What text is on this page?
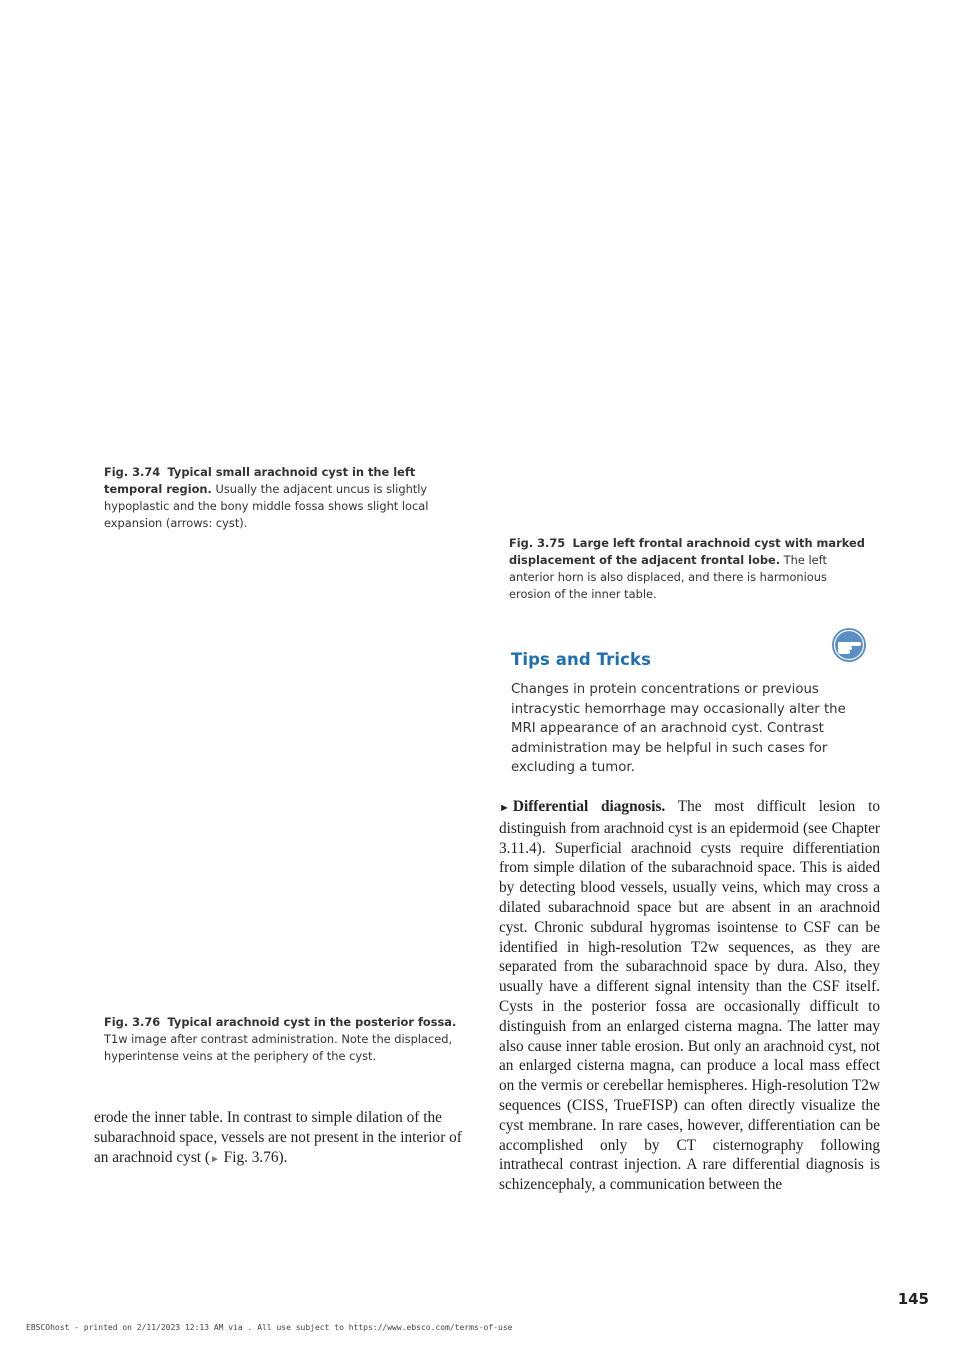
Fig. 3.74 Typical small arachnoid cyst in the left temporal region. Usually the adjacent uncus is slightly hypoplastic and the bony middle fossa shows slight local expansion (arrows: cyst).
Fig. 3.75 Large left frontal arachnoid cyst with marked displacement of the adjacent frontal lobe. The left anterior horn is also displaced, and there is harmonious erosion of the inner table.
Tips and Tricks
Changes in protein concentrations or previous intracystic hemorrhage may occasionally alter the MRI appearance of an arachnoid cyst. Contrast administration may be helpful in such cases for excluding a tumor.
Fig. 3.76 Typical arachnoid cyst in the posterior fossa. T1w image after contrast administration. Note the displaced, hyperintense veins at the periphery of the cyst.
► Differential diagnosis. The most difficult lesion to distinguish from arachnoid cyst is an epidermoid (see Chapter 3.11.4). Superficial arachnoid cysts require differentiation from simple dilation of the subarachnoid space. This is aided by detecting blood vessels, usually veins, which may cross a dilated subarachnoid space but are absent in an arachnoid cyst. Chronic subdural hygromas isointense to CSF can be identified in high-resolution T2w sequences, as they are separated from the subarachnoid space by dura. Also, they usually have a different signal intensity than the CSF itself. Cysts in the posterior fossa are occasionally difficult to distinguish from an enlarged cisterna magna. The latter may also cause inner table erosion. But only an arachnoid cyst, not an enlarged cisterna magna, can produce a local mass effect on the vermis or cerebellar hemispheres. High-resolution T2w sequences (CISS, TrueFISP) can often directly visualize the cyst membrane. In rare cases, however, differentiation can be accomplished only by CT cisternography following intrathecal contrast injection. A rare differential diagnosis is schizencephaly, a communication between the
erode the inner table. In contrast to simple dilation of the subarachnoid space, vessels are not present in the interior of an arachnoid cyst (► Fig. 3.76).
145
EBSCOhost - printed on 2/11/2023 12:13 AM via . All use subject to https://www.ebsco.com/terms-of-use
